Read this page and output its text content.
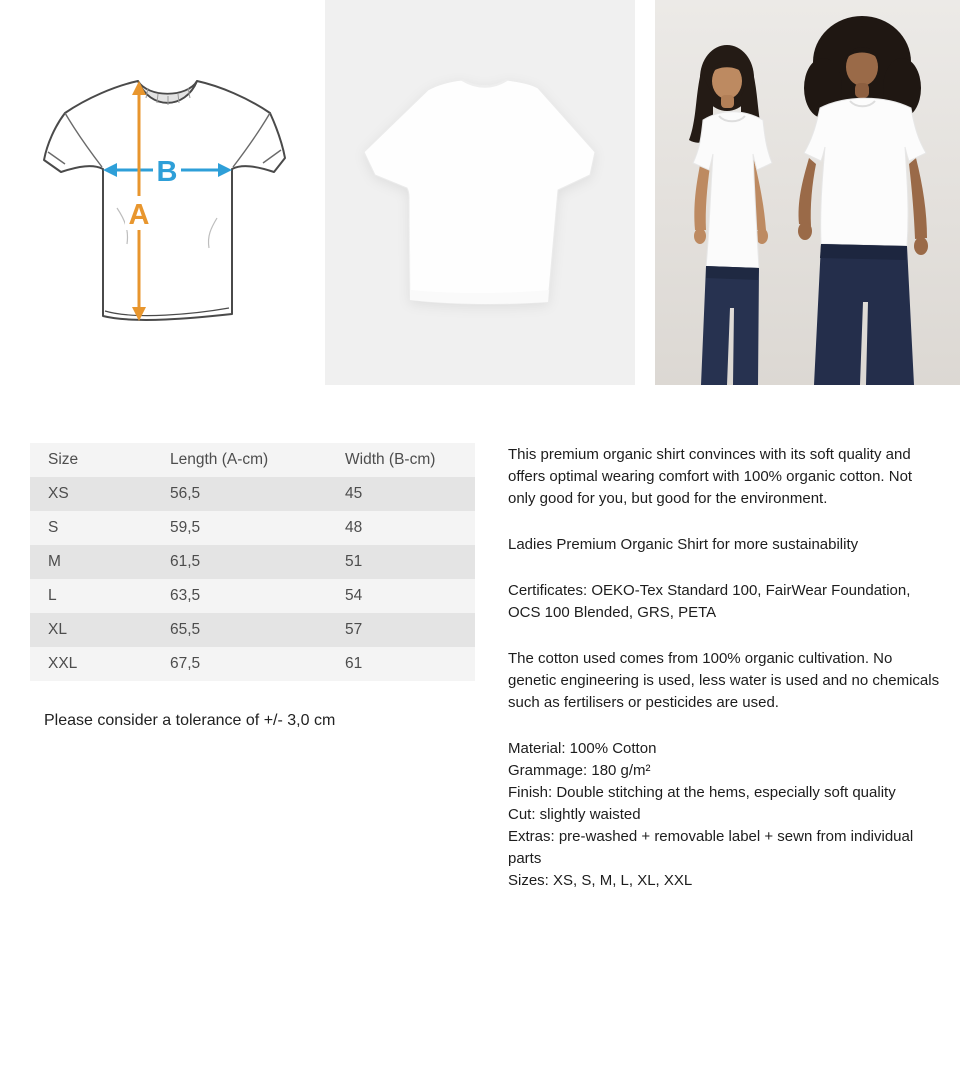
B
A
Size	Length (A-cm)	Width (B-cm)
XS	56,5	45
S	59,5	48
M	61,5	51
L	63,5	54
XL	65,5	57
XXL	67,5	61
Please consider a tolerance of +/- 3,0 cm

This premium organic shirt convinces with its soft quality and offers optimal wearing comfort with 100% organic cotton. Not only good for you, but good for the environment.

Ladies Premium Organic Shirt for more sustainability

Certificates: OEKO-Tex Standard 100, FairWear Foundation, OCS 100 Blended, GRS, PETA

The cotton used comes from 100% organic cultivation. No genetic engineering is used, less water is used and no chemicals such as fertilisers or pesticides are used.

Material: 100% Cotton
Grammage: 180 g/m²
Finish: Double stitching at the hems, especially soft quality
Cut: slightly waisted
Extras: pre-washed + removable label + sewn from individual parts
Sizes: XS, S, M, L, XL, XXL
